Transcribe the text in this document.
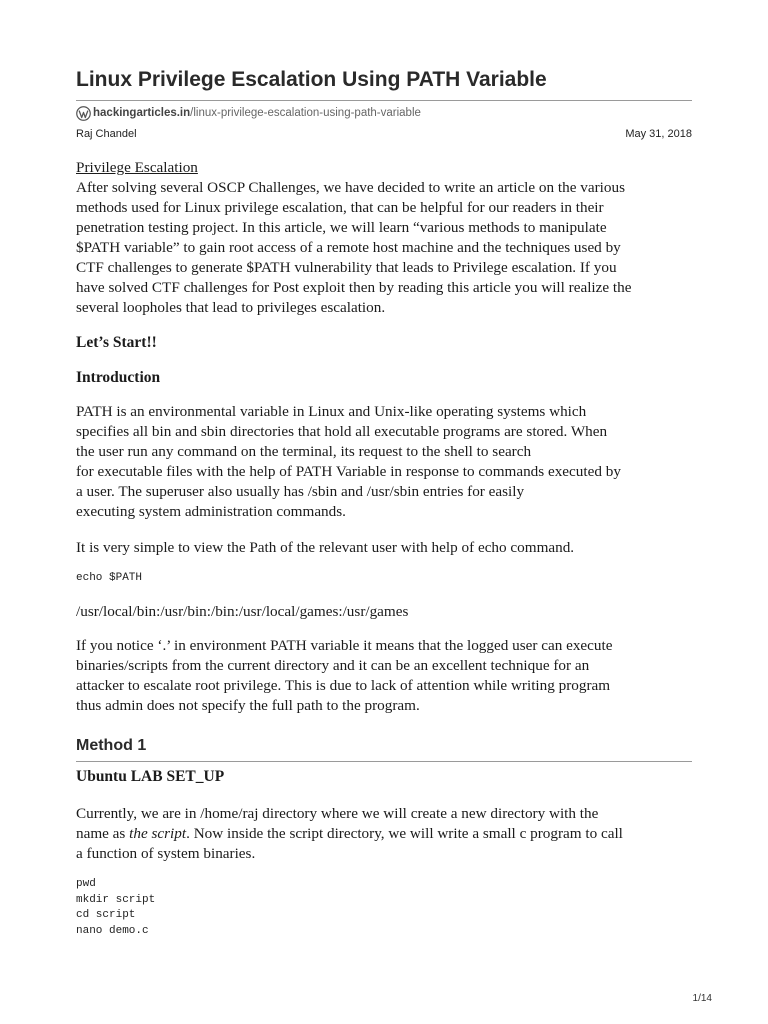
Linux Privilege Escalation Using PATH Variable
hackingarticles.in /linux-privilege-escalation-using-path-variable
Raj Chandel	May 31, 2018
Privilege Escalation
After solving several OSCP Challenges, we have decided to write an article on the various
methods used for Linux privilege escalation, that can be helpful for our readers in their
penetration testing project. In this article, we will learn “various methods to manipulate
$PATH variable” to gain root access of a remote host machine and the techniques used by
CTF challenges to generate $PATH vulnerability that leads to Privilege escalation. If you
have solved CTF challenges for Post exploit then by reading this article you will realize the
several loopholes that lead to privileges escalation.
Let’s Start!!
Introduction
PATH is an environmental variable in Linux and Unix-like operating systems which
specifies all bin and sbin directories that hold all executable programs are stored. When
the user run any command on the terminal, its request to the shell to search
for executable files with the help of PATH Variable in response to commands executed by
a user. The superuser also usually has /sbin and /usr/sbin entries for easily
executing system administration commands.
It is very simple to view the Path of the relevant user with help of echo command.
echo $PATH
/usr/local/bin:/usr/bin:/bin:/usr/local/games:/usr/games
If you notice ‘.’ in environment PATH variable it means that the logged user can execute
binaries/scripts from the current directory and it can be an excellent technique for an
attacker to escalate root privilege. This is due to lack of attention while writing program
thus admin does not specify the full path to the program.
Method 1
Ubuntu LAB SET_UP
Currently, we are in /home/raj directory where we will create a new directory with the
name as the script. Now inside the script directory, we will write a small c program to call
a function of system binaries.
pwd
mkdir script
cd script
nano demo.c
1/14
